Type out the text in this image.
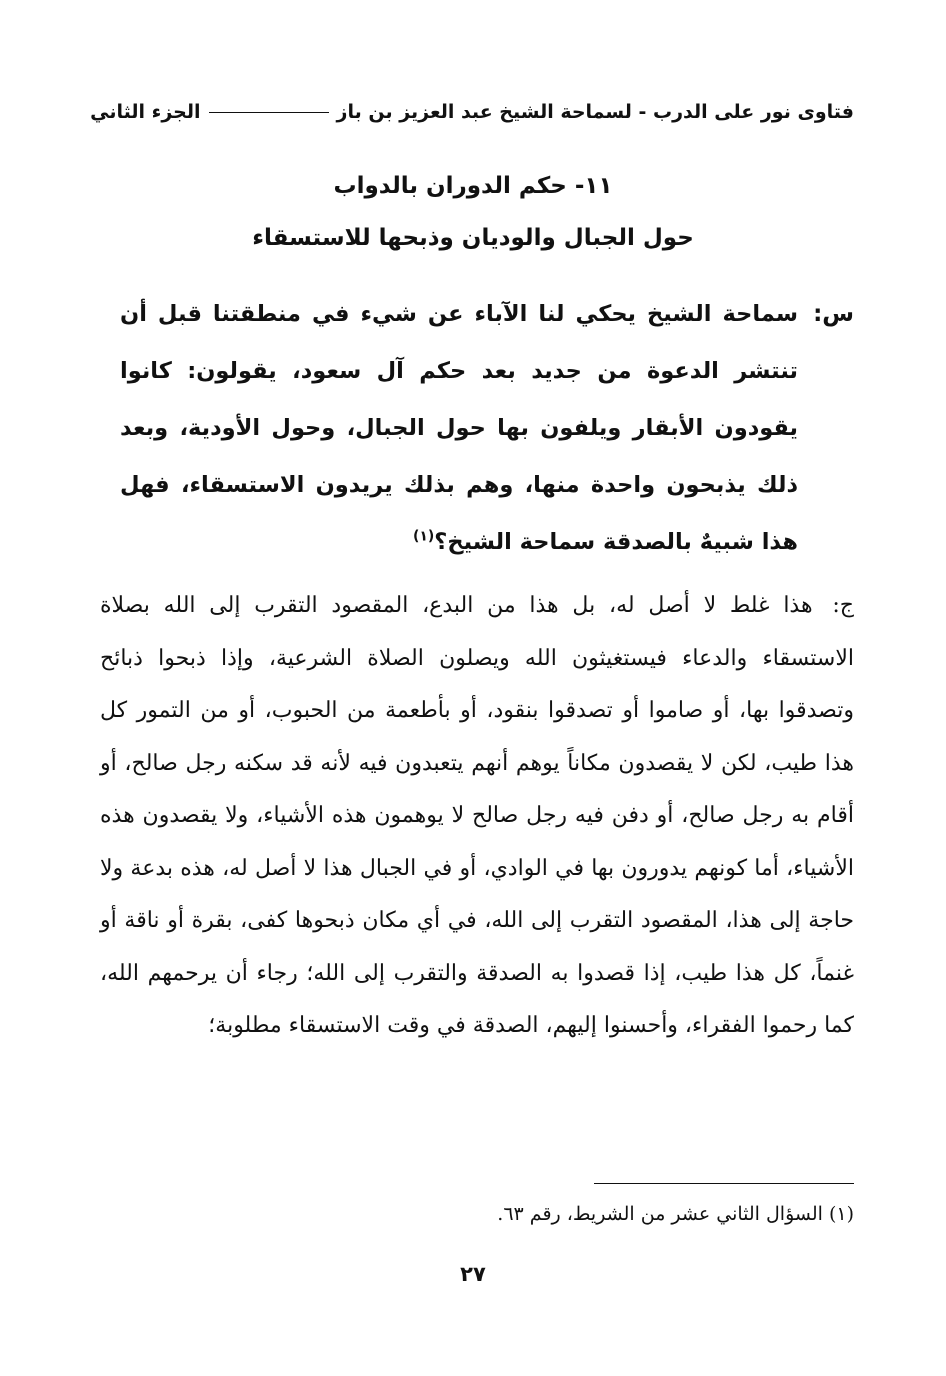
فتاوى نور على الدرب - لسماحة الشيخ عبد العزيز بن باز
الجزء الثاني
١١- حكم الدوران بالدواب
حول الجبال والوديان وذبحها للاستسقاء
س:
سماحة الشيخ يحكي لنا الآباء عن شيء في منطقتنا قبل أن تنتشر الدعوة من جديد بعد حكم آل سعود، يقولون: كانوا يقودون الأبقار ويلفون بها حول الجبال، وحول الأودية، وبعد ذلك يذبحون واحدة منها، وهم بذلك يريدون الاستسقاء، فهل هذا شبيهٌ بالصدقة سماحة الشيخ؟$^{(١)}$
ج: هذا غلط لا أصل له، بل هذا من البدع، المقصود التقرب إلى الله بصلاة الاستسقاء والدعاء فيستغيثون الله ويصلون الصلاة الشرعية، وإذا ذبحوا ذبائح وتصدقوا بها، أو صاموا أو تصدقوا بنقود، أو بأطعمة من الحبوب، أو من التمور كل هذا طيب، لكن لا يقصدون مكاناً يوهم أنهم يتعبدون فيه لأنه قد سكنه رجل صالح، أو أقام به رجل صالح، أو دفن فيه رجل صالح لا يوهمون هذه الأشياء، ولا يقصدون هذه الأشياء، أما كونهم يدورون بها في الوادي، أو في الجبال هذا لا أصل له، هذه بدعة ولا حاجة إلى هذا، المقصود التقرب إلى الله، في أي مكان ذبحوها كفى، بقرة أو ناقة أو غنماً، كل هذا طيب، إذا قصدوا به الصدقة والتقرب إلى الله؛ رجاء أن يرحمهم الله، كما رحموا الفقراء، وأحسنوا إليهم، الصدقة في وقت الاستسقاء مطلوبة؛
(١) السؤال الثاني عشر من الشريط، رقم ٦٣.
٢٧
